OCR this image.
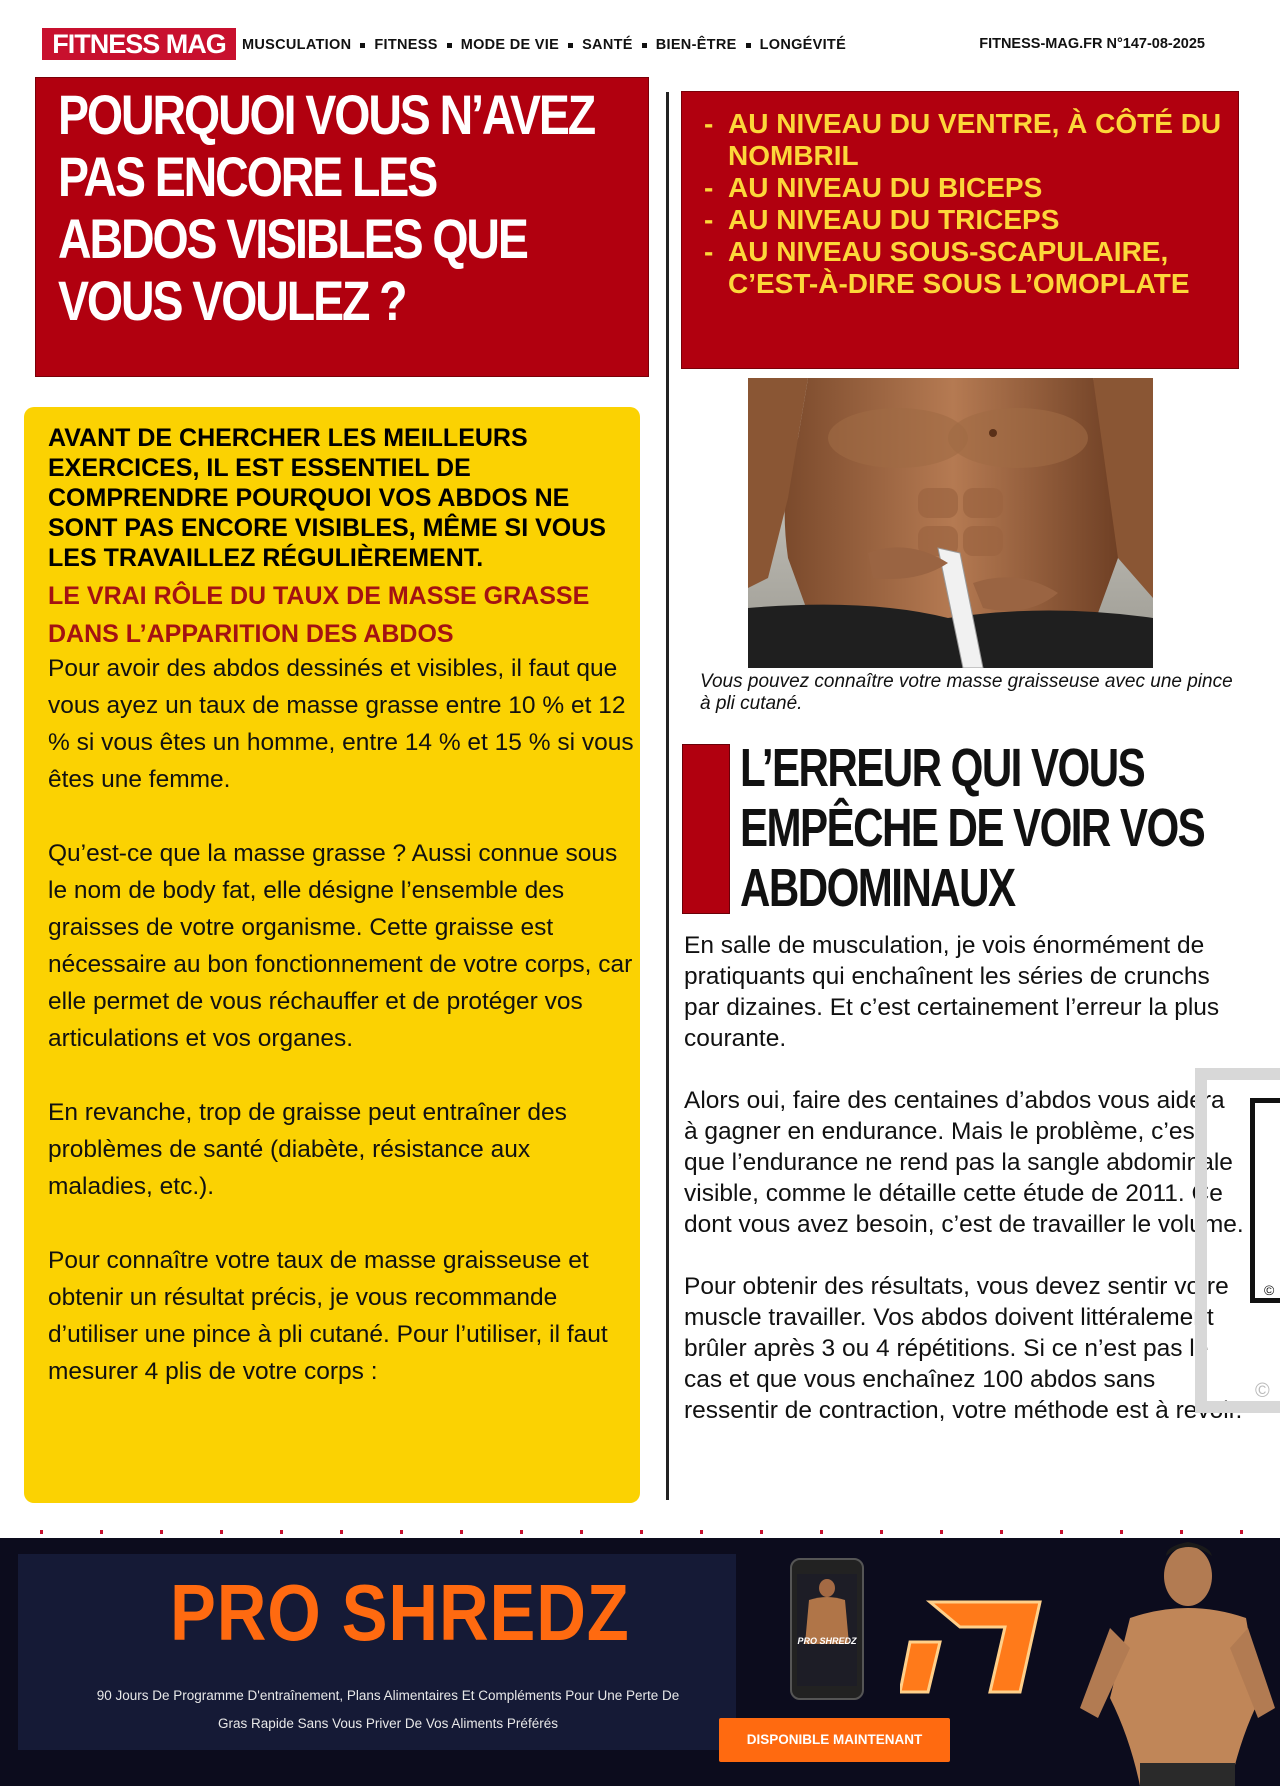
FITNESS MAG	MUSCULATION FITNESS MODE DE VIE SANTÉ BIEN-ÊTRE LONGÉVITÉ	FITNESS-MAG.FR N°147-08-2025
POURQUOI VOUS N’AVEZ
PAS ENCORE LES
ABDOS VISIBLES QUE
VOUS VOULEZ ?
AVANT DE CHERCHER LES MEILLEURS EXERCICES, IL EST ESSENTIEL DE COMPRENDRE POURQUOI VOS ABDOS NE SONT PAS ENCORE VISIBLES, MÊME SI VOUS LES TRAVAILLEZ RÉGULIÈREMENT.
LE VRAI RÔLE DU TAUX DE MASSE GRASSE DANS L’APPARITION DES ABDOS

Pour avoir des abdos dessinés et visibles, il faut que vous ayez un taux de masse grasse entre 10 % et 12 % si vous êtes un homme, entre 14 % et 15 % si vous êtes une femme.

Qu’est-ce que la masse grasse ? Aussi connue sous le nom de body fat, elle désigne l’ensemble des graisses de votre organisme. Cette graisse est nécessaire au bon fonctionnement de votre corps, car elle permet de vous réchauffer et de protéger vos articulations et vos organes.

En revanche, trop de graisse peut entraîner des problèmes de santé (diabète, résistance aux maladies, etc.).

Pour connaître votre taux de masse graisseuse et obtenir un résultat précis, je vous recommande d’utiliser une pince à pli cutané. Pour l’utiliser, il faut mesurer 4 plis de votre corps :

- AU NIVEAU DU VENTRE, À CÔTÉ DU NOMBRIL
- AU NIVEAU DU BICEPS
- AU NIVEAU DU TRICEPS
- AU NIVEAU SOUS-SCAPULAIRE, C’EST-À-DIRE SOUS L’OMOPLATE
Vous pouvez connaître votre masse graisseuse avec une pince à pli cutané.
L’ERREUR QUI VOUS
EMPÊCHE DE VOIR VOS
ABDOMINAUX

En salle de musculation, je vois énormément de pratiquants qui enchaînent les séries de crunchs par dizaines. Et c’est certainement l’erreur la plus courante.

Alors oui, faire des centaines d’abdos vous aidera à gagner en endurance. Mais le problème, c’est que l’endurance ne rend pas la sangle abdominale visible, comme le détaille cette étude de 2011. Ce dont vous avez besoin, c’est de travailler le volume.

Pour obtenir des résultats, vous devez sentir votre muscle travailler. Vos abdos doivent littéralement brûler après 3 ou 4 répétitions. Si ce n’est pas le cas et que vous enchaînez 100 abdos sans ressentir de contraction, votre méthode est à revoir.

©
©
PRO SHREDZ
90 Jours De Programme D'entraînement, Plans Alimentaires Et Compléments Pour Une Perte De
Gras Rapide Sans Vous Priver De Vos Aliments Préférés
PRO SHREDZ
DISPONIBLE MAINTENANT
